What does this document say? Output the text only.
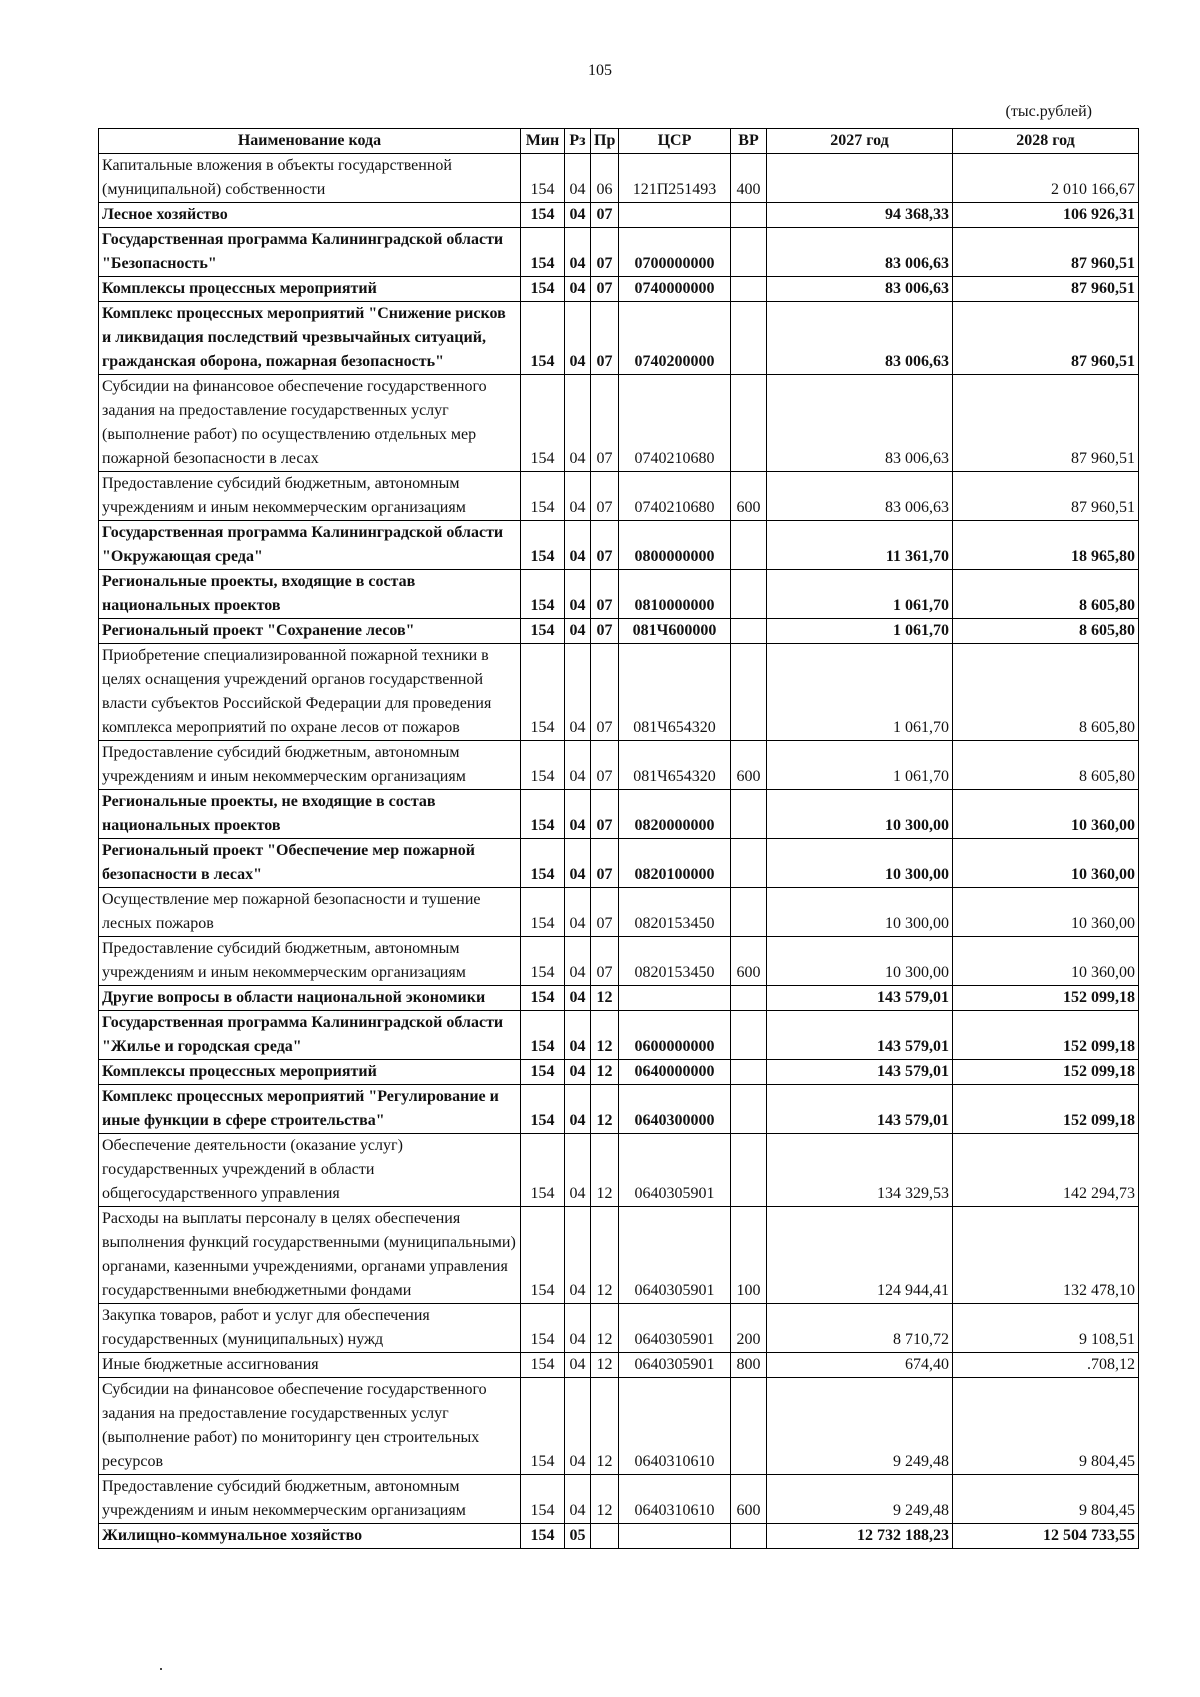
105
(тыс.рублей)
Наименование кода	Мин	Рз	Пр	ЦСР	ВР	2027 год	2028 год
Капитальные вложения в объекты государственной (муниципальной) собственности	154	04	06	121П251493	400		2 010 166,67
Лесное хозяйство	154	04	07			94 368,33	106 926,31
Государственная программа Калининградской области "Безопасность"	154	04	07	0700000000		83 006,63	87 960,51
Комплексы процессных мероприятий	154	04	07	0740000000		83 006,63	87 960,51
Комплекс процессных мероприятий "Снижение рисков и ликвидация последствий чрезвычайных ситуаций, гражданская оборона, пожарная безопасность"	154	04	07	0740200000		83 006,63	87 960,51
Субсидии на финансовое обеспечение государственного задания на предоставление государственных услуг (выполнение работ) по осуществлению отдельных мер пожарной безопасности в лесах	154	04	07	0740210680		83 006,63	87 960,51
Предоставление субсидий бюджетным, автономным учреждениям и иным некоммерческим организациям	154	04	07	0740210680	600	83 006,63	87 960,51
Государственная программа Калининградской области "Окружающая среда"	154	04	07	0800000000		11 361,70	18 965,80
Региональные проекты, входящие в состав национальных проектов	154	04	07	0810000000		1 061,70	8 605,80
Региональный проект "Сохранение лесов"	154	04	07	081Ч600000		1 061,70	8 605,80
Приобретение специализированной пожарной техники в целях оснащения учреждений органов государственной власти субъектов Российской Федерации для проведения комплекса мероприятий по охране лесов от пожаров	154	04	07	081Ч654320		1 061,70	8 605,80
Предоставление субсидий бюджетным, автономным учреждениям и иным некоммерческим организациям	154	04	07	081Ч654320	600	1 061,70	8 605,80
Региональные проекты, не входящие в состав национальных проектов	154	04	07	0820000000		10 300,00	10 360,00
Региональный проект "Обеспечение мер пожарной безопасности в лесах"	154	04	07	0820100000		10 300,00	10 360,00
Осуществление мер пожарной безопасности и тушение лесных пожаров	154	04	07	0820153450		10 300,00	10 360,00
Предоставление субсидий бюджетным, автономным учреждениям и иным некоммерческим организациям	154	04	07	0820153450	600	10 300,00	10 360,00
Другие вопросы в области национальной экономики	154	04	12			143 579,01	152 099,18
Государственная программа Калининградской области "Жилье и городская среда"	154	04	12	0600000000		143 579,01	152 099,18
Комплексы процессных мероприятий	154	04	12	0640000000		143 579,01	152 099,18
Комплекс процессных мероприятий "Регулирование и иные функции в сфере строительства"	154	04	12	0640300000		143 579,01	152 099,18
Обеспечение деятельности (оказание услуг) государственных учреждений в области общегосударственного управления	154	04	12	0640305901		134 329,53	142 294,73
Расходы на выплаты персоналу в целях обеспечения выполнения функций государственными (муниципальными) органами, казенными учреждениями, органами управления государственными внебюджетными фондами	154	04	12	0640305901	100	124 944,41	132 478,10
Закупка товаров, работ и услуг для обеспечения государственных (муниципальных) нужд	154	04	12	0640305901	200	8 710,72	9 108,51
Иные бюджетные ассигнования	154	04	12	0640305901	800	674,40	.708,12
Субсидии на финансовое обеспечение государственного задания на предоставление государственных услуг (выполнение работ) по мониторингу цен строительных ресурсов	154	04	12	0640310610		9 249,48	9 804,45
Предоставление субсидий бюджетным, автономным учреждениям и иным некоммерческим организациям	154	04	12	0640310610	600	9 249,48	9 804,45
Жилищно-коммунальное хозяйство	154	05				12 732 188,23	12 504 733,55
